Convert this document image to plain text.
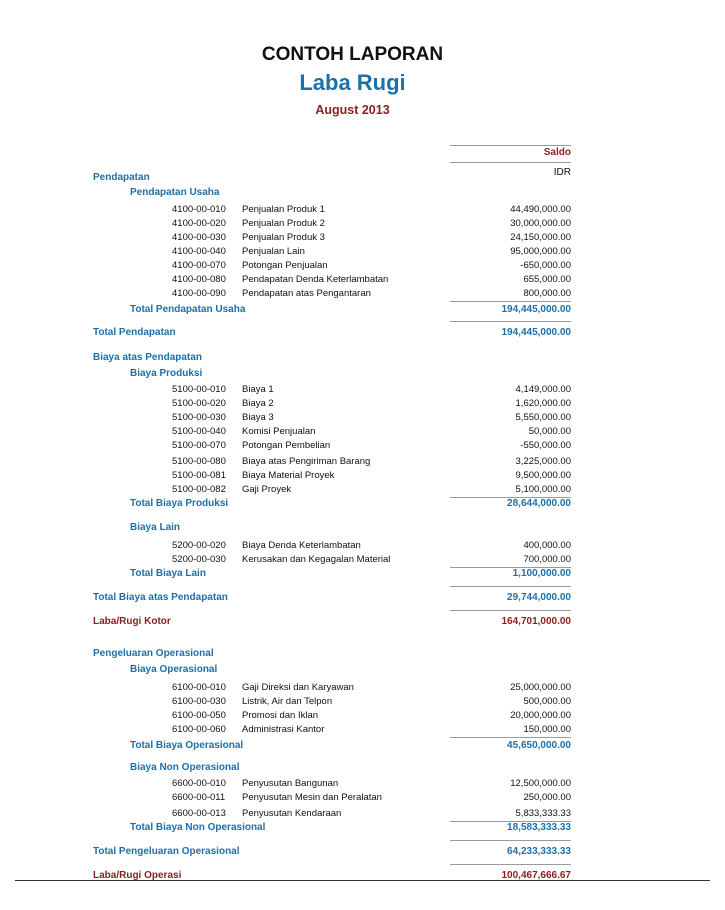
CONTOH LAPORAN
Laba Rugi
August 2013
Saldo
IDR
Pendapatan
Pendapatan Usaha
4100-00-010 Penjualan Produk 1	44,490,000.00
4100-00-020 Penjualan Produk 2	30,000,000.00
4100-00-030 Penjualan Produk 3	24,150,000.00
4100-00-040 Penjualan Lain	95,000,000.00
4100-00-070 Potongan Penjualan	-650,000.00
4100-00-080 Pendapatan Denda Keterlambatan	655,000.00
4100-00-090 Pendapatan atas Pengantaran	800,000.00
Total Pendapatan Usaha	194,445,000.00
Total Pendapatan	194,445,000.00
Biaya atas Pendapatan
Biaya Produksi
5100-00-010 Biaya 1	4,149,000.00
5100-00-020 Biaya 2	1,620,000.00
5100-00-030 Biaya 3	5,550,000.00
5100-00-040 Komisi Penjualan	50,000.00
5100-00-070 Potongan Pembelian	-550,000.00
5100-00-080 Biaya atas Pengiriman Barang	3,225,000.00
5100-00-081 Biaya Material Proyek	9,500,000.00
5100-00-082 Gaji Proyek	5,100,000.00
Total Biaya Produksi	28,644,000.00
Biaya Lain
5200-00-020 Biaya Denda Keterlambatan	400,000.00
5200-00-030 Kerusakan dan Kegagalan Material	700,000.00
Total Biaya Lain	1,100,000.00
Total Biaya atas Pendapatan	29,744,000.00
Laba/Rugi Kotor	164,701,000.00
Pengeluaran Operasional
Biaya Operasional
6100-00-010 Gaji Direksi dan Karyawan	25,000,000.00
6100-00-030 Listrik, Air dan Telpon	500,000.00
6100-00-050 Promosi dan Iklan	20,000,000.00
6100-00-060 Administrasi Kantor	150,000.00
Total Biaya Operasional	45,650,000.00
Biaya Non Operasional
6600-00-010 Penyusutan Bangunan	12,500,000.00
6600-00-011 Penyusutan Mesin dan Peralatan	250,000.00
6600-00-013 Penyusutan Kendaraan	5,833,333.33
Total Biaya Non Operasional	18,583,333.33
Total Pengeluaran Operasional	64,233,333.33
Laba/Rugi Operasi	100,467,666.67
